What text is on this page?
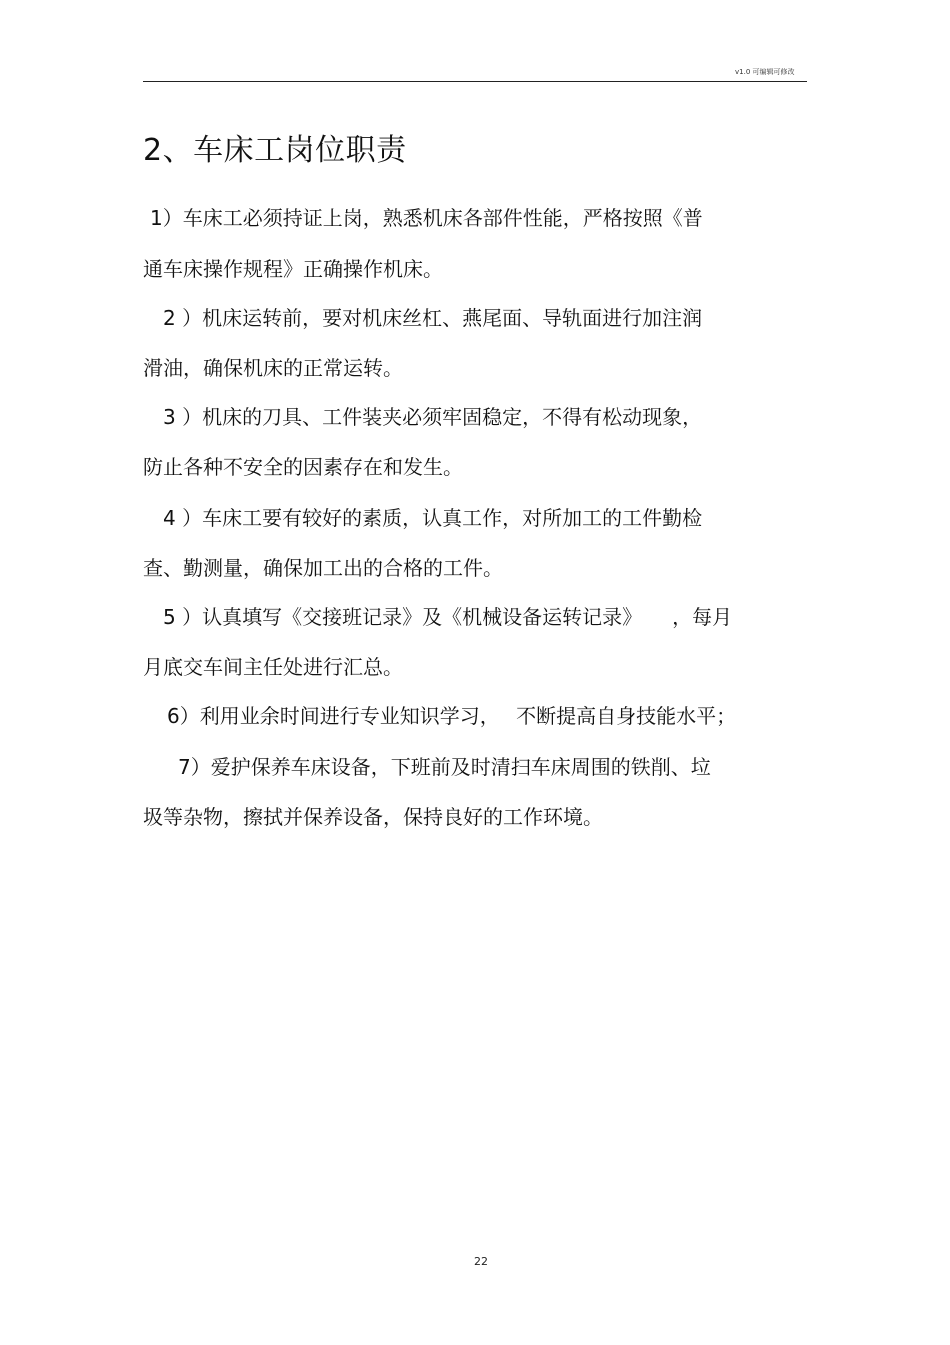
v1.0 可编辑可修改
2、车床工岗位职责

1）车床工必须持证上岗，熟悉机床各部件性能，严格按照《普

通车床操作规程》正确操作机床。

2 ）机床运转前，要对机床丝杠、燕尾面、导轨面进行加注润

滑油，确保机床的正常运转。

3 ）机床的刀具、工件装夹必须牢固稳定，不得有松动现象，

防止各种不安全的因素存在和发生。

4 ）车床工要有较好的素质，认真工作，对所加工的工件勤检

查、勤测量，确保加工出的合格的工件。

5 ）认真填写《交接班记录》及《机械设备运转记录》　　，每月

月底交车间主任处进行汇总。

6）利用业余时间进行专业知识学习，　 不断提高自身技能水平；

7）爱护保养车床设备，下班前及时清扫车床周围的铁削、垃

圾等杂物，擦拭并保养设备，保持良好的工作环境。

22
